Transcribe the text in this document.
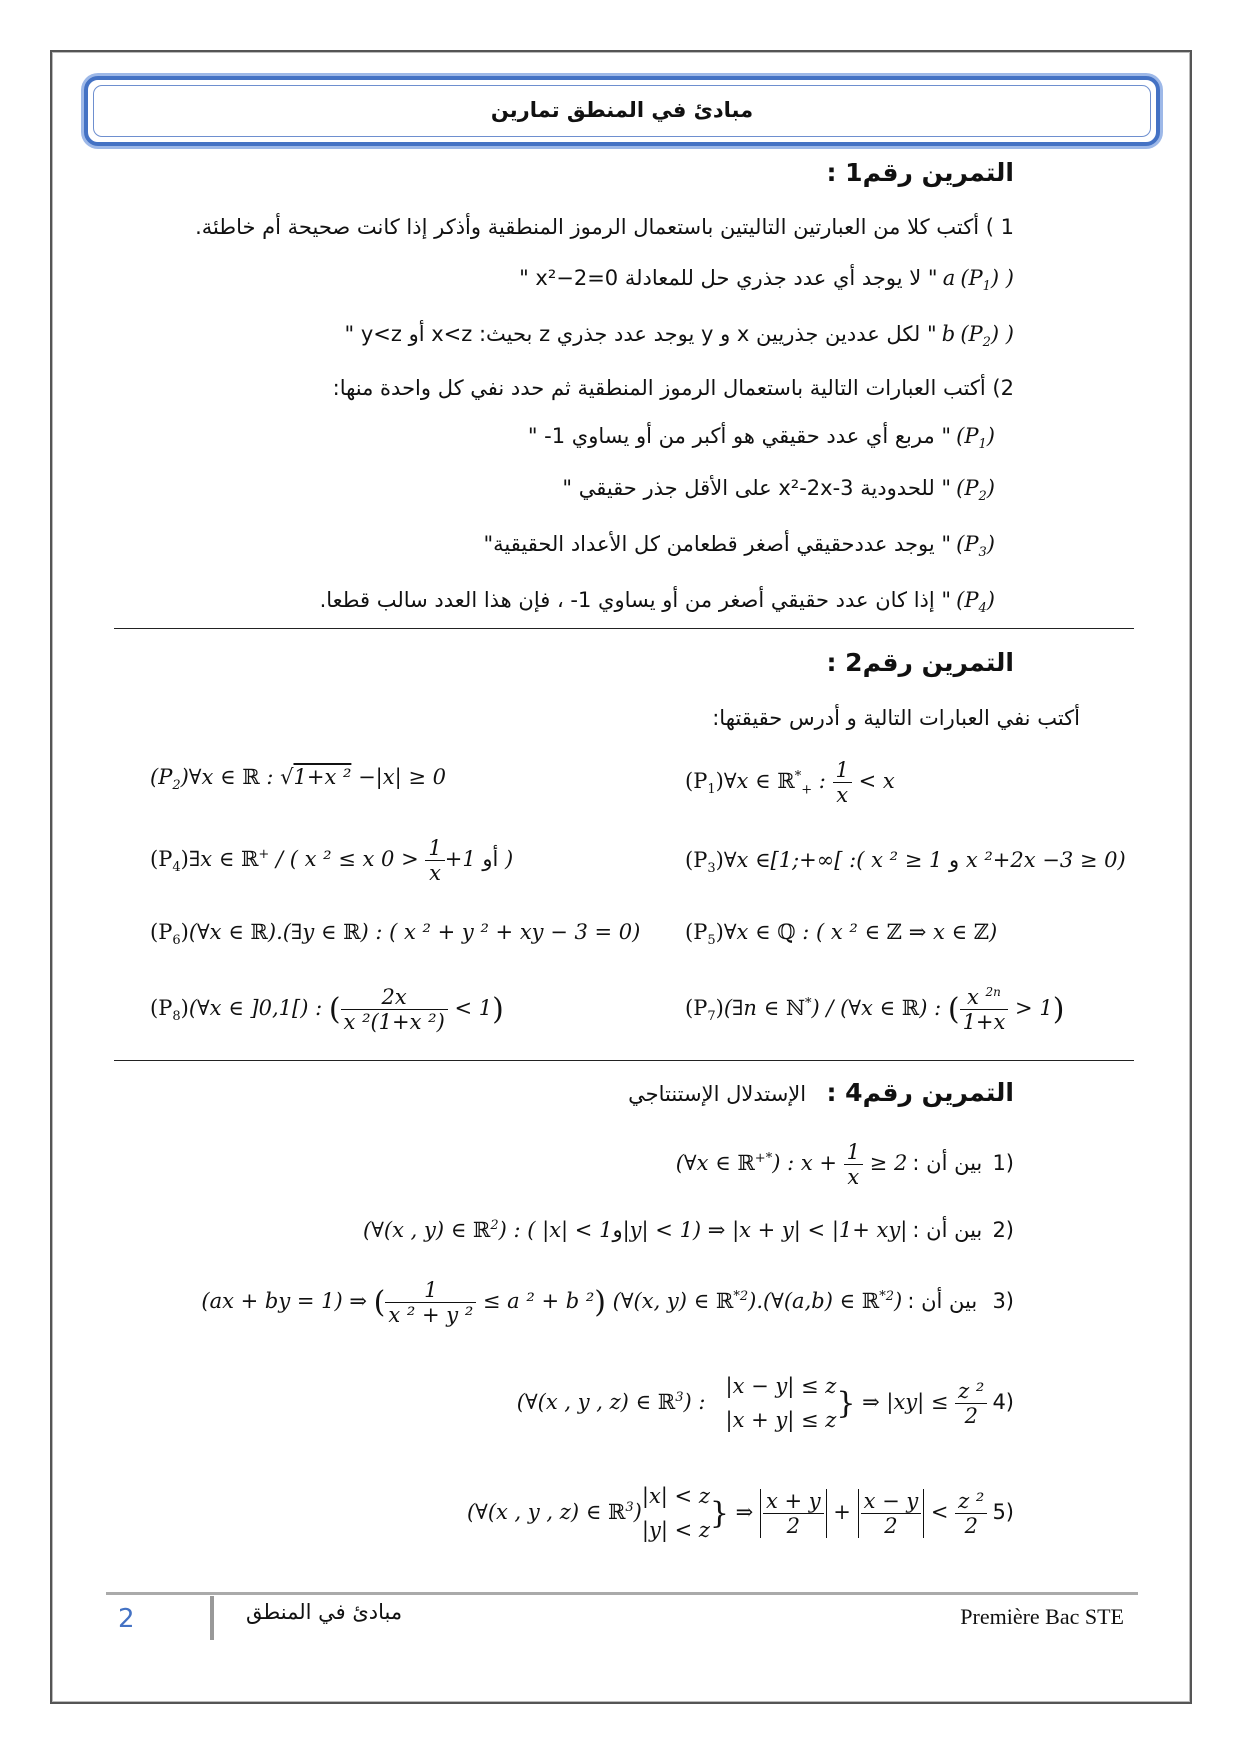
مبادئ في المنطق تمارين
التمرين رقم1 :
1 ) أكتب كلا من العبارتين التاليتين باستعمال الرموز المنطقية وأذكر إذا كانت صحيحة أم خاطئة.
( a $(P_1)$ " لا يوجد أي عدد جذري حل للمعادلة x²−2=0 "
( b $(P_2)$ " لكل عددين جذريين x و y يوجد عدد جذري z بحيث: x<z أو y<z "
2) أكتب العبارات التالية باستعمال الرموز المنطقية ثم حدد نفي كل واحدة منها:
$(P_1)$ " مربع أي عدد حقيقي هو أكبر من أو يساوي 1- "
$(P_2)$ " للحدودية x²-2x-3 على الأقل جذر حقيقي "
$(P_3)$ " يوجد عددحقيقي أصغر قطعامن كل الأعداد الحقيقية"
$(P_4)$ " إذا كان عدد حقيقي أصغر من أو يساوي 1- ، فإن هذا العدد سالب قطعا.
التمرين رقم2 :
أكتب نفي العبارات التالية و أدرس حقيقتها:
$(P_1)\forall x$ ∈ ℝ*$_+$ : $\frac{1}{x} < x$
$(P_2)\forall x$ ∈ ℝ : √1+x ² −|x| ≥ 0
$(P_3)\forall x$ ∈[1;+∞[ :( x ² ≥ 1 و x ²+2x −3 ≥ 0)
$(P_4)\exists x$ ∈ ℝ+ / ( x ² ≤ x	أو 1+
$\frac{1}{x}$
< 0 )
$(P_5)\forall x$ ∈ ℚ : ( x ² ∈ ℤ ⇒ x ∈ ℤ)
$(P_6)(\forall x$ ∈ ℝ).(∃y ∈ ℝ) : ( x ² + y ² + xy − 3 = 0)
$(P_7)(\exists n$ ∈ ℕ*) / (∀x ∈ ℝ) : ( $\frac{x ^{2n}}{1+x} > 1$)
$(P_8)(\forall x$ ∈ ]0,1[) : ( $\frac{2x}{\text{x ²(1+x ²)}} < 1$)
التمرين رقم4 :    الإستدلال الإستنتاجي
(∀x ∈ ℝ+*) : $x + \frac{1}{x} \ge 2$ بين أن : 1)
(∀(x , y) ∈ ℝ$^2$) : ( |x| < 1و|y| < 1) ⇒ |x + y| < |1+ xy| بين أن : 2)
(ax + by = 1) ⇒ ( $\frac{1}{\text{x ² + y ²}} \le a$ ² + b ²) (∀(x, y) ∈ ℝ$^{*2}$).(∀(a,b) ∈ ℝ$^{*2}$) بين أن : 3)
(∀(x , y , z) ∈ ℝ$^3$) :
|x − y| ≤ z
|x + y| ≤ z } ⇒ $|xy| \le \frac{\text{z ²}}{2} 4$)
(∀(x , y , z) ∈ ℝ$^3$)
|x| < z
|y| < z } ⇒ $\frac{x + y}{2} + \frac{x - y}{2} < \frac{\text{z ²}}{2} 5$)
2	مبادئ في المنطق	Première Bac STE
